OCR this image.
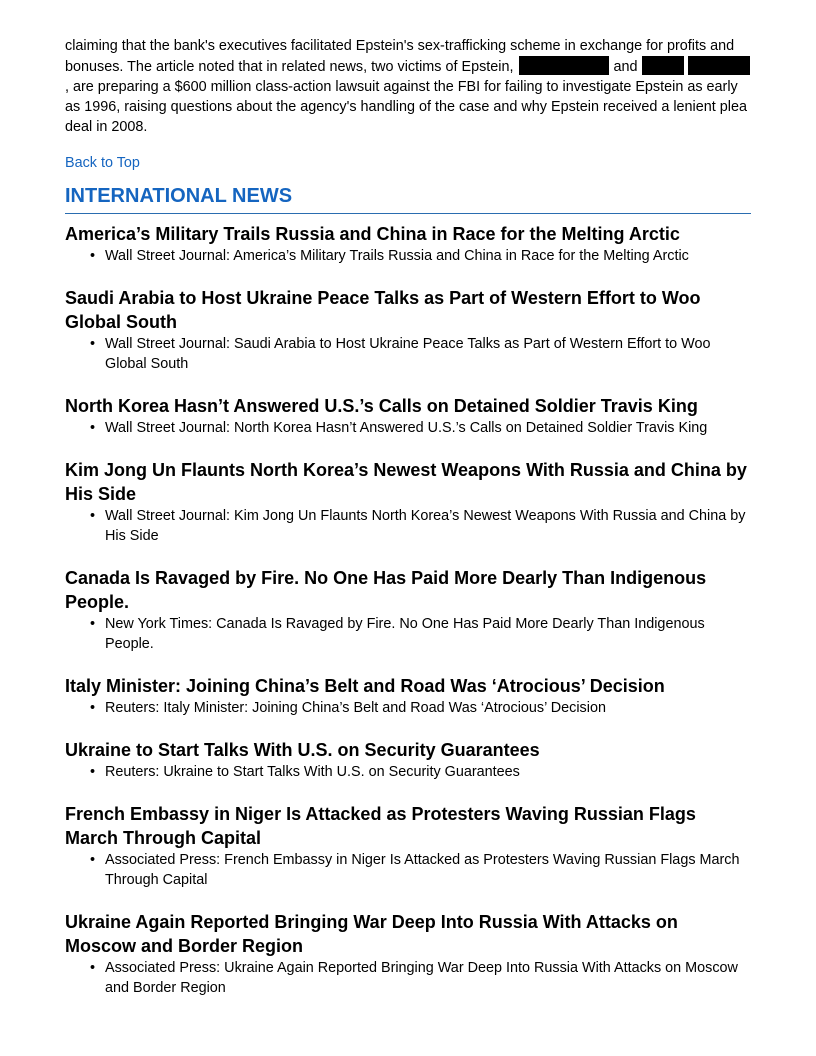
claiming that the bank's executives facilitated Epstein's sex-trafficking scheme in exchange for profits and bonuses. The article noted that in related news, two victims of Epstein,	and  , are preparing a $600 million class-action lawsuit against the FBI for failing to investigate Epstein as early as 1996, raising questions about the agency's handling of the case and why Epstein received a lenient plea deal in 2008.

Back to Top
INTERNATIONAL NEWS
America’s Military Trails Russia and China in Race for the Melting Arctic
• Wall Street Journal: America’s Military Trails Russia and China in Race for the Melting Arctic
Saudi Arabia to Host Ukraine Peace Talks as Part of Western Effort to Woo Global South
• Wall Street Journal: Saudi Arabia to Host Ukraine Peace Talks as Part of Western Effort to Woo Global South
North Korea Hasn’t Answered U.S.’s Calls on Detained Soldier Travis King
• Wall Street Journal: North Korea Hasn’t Answered U.S.’s Calls on Detained Soldier Travis King
Kim Jong Un Flaunts North Korea’s Newest Weapons With Russia and China by His Side
• Wall Street Journal: Kim Jong Un Flaunts North Korea’s Newest Weapons With Russia and China by His Side
Canada Is Ravaged by Fire. No One Has Paid More Dearly Than Indigenous People.
• New York Times: Canada Is Ravaged by Fire. No One Has Paid More Dearly Than Indigenous People.
Italy Minister: Joining China’s Belt and Road Was ‘Atrocious’ Decision
• Reuters: Italy Minister: Joining China’s Belt and Road Was ‘Atrocious’ Decision
Ukraine to Start Talks With U.S. on Security Guarantees
• Reuters: Ukraine to Start Talks With U.S. on Security Guarantees
French Embassy in Niger Is Attacked as Protesters Waving Russian Flags March Through Capital
• Associated Press: French Embassy in Niger Is Attacked as Protesters Waving Russian Flags March Through Capital
Ukraine Again Reported Bringing War Deep Into Russia With Attacks on Moscow and Border Region
• Associated Press: Ukraine Again Reported Bringing War Deep Into Russia With Attacks on Moscow and Border Region
